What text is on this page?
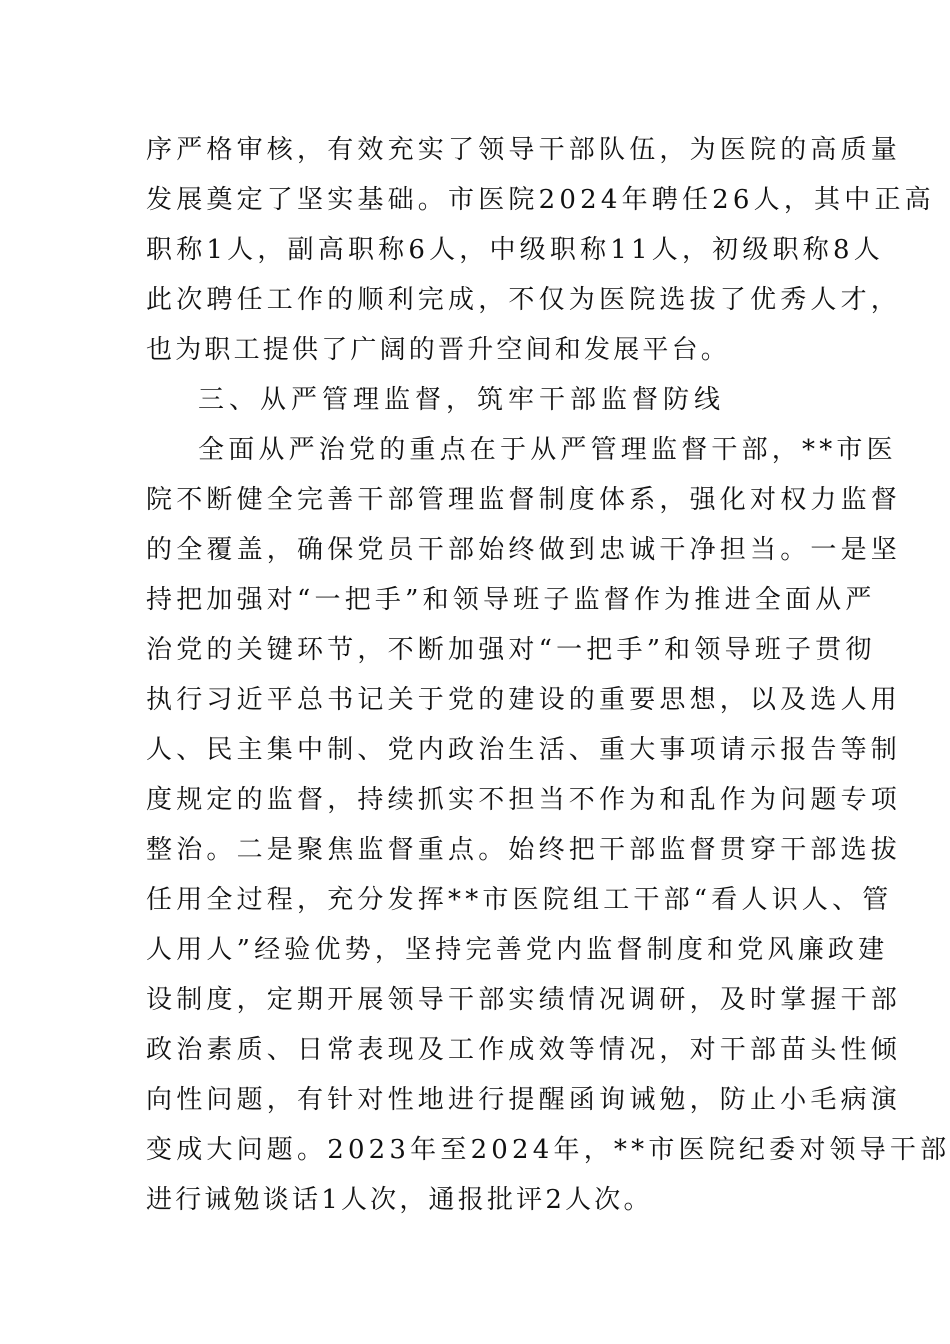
序严格审核，有效充实了领导干部队伍，为医院的高质量
发展奠定了坚实基础。市医院2024年聘任26人，其中正高
职称1人，副高职称6人，中级职称11人，初级职称8人
此次聘任工作的顺利完成，不仅为医院选拔了优秀人才，
也为职工提供了广阔的晋升空间和发展平台。
三、从严管理监督，筑牢干部监督防线
全面从严治党的重点在于从严管理监督干部，**市医
院不断健全完善干部管理监督制度体系，强化对权力监督
的全覆盖，确保党员干部始终做到忠诚干净担当。一是坚
持把加强对“一把手”和领导班子监督作为推进全面从严
治党的关键环节，不断加强对“一把手”和领导班子贯彻
执行习近平总书记关于党的建设的重要思想，以及选人用
人、民主集中制、党内政治生活、重大事项请示报告等制
度规定的监督，持续抓实不担当不作为和乱作为问题专项
整治。二是聚焦监督重点。始终把干部监督贯穿干部选拔
任用全过程，充分发挥**市医院组工干部“看人识人、管
人用人”经验优势，坚持完善党内监督制度和党风廉政建
设制度，定期开展领导干部实绩情况调研，及时掌握干部
政治素质、日常表现及工作成效等情况，对干部苗头性倾
向性问题，有针对性地进行提醒函询诫勉，防止小毛病演
变成大问题。2023年至2024年，**市医院纪委对领导干部
进行诫勉谈话1人次，通报批评2人次。
